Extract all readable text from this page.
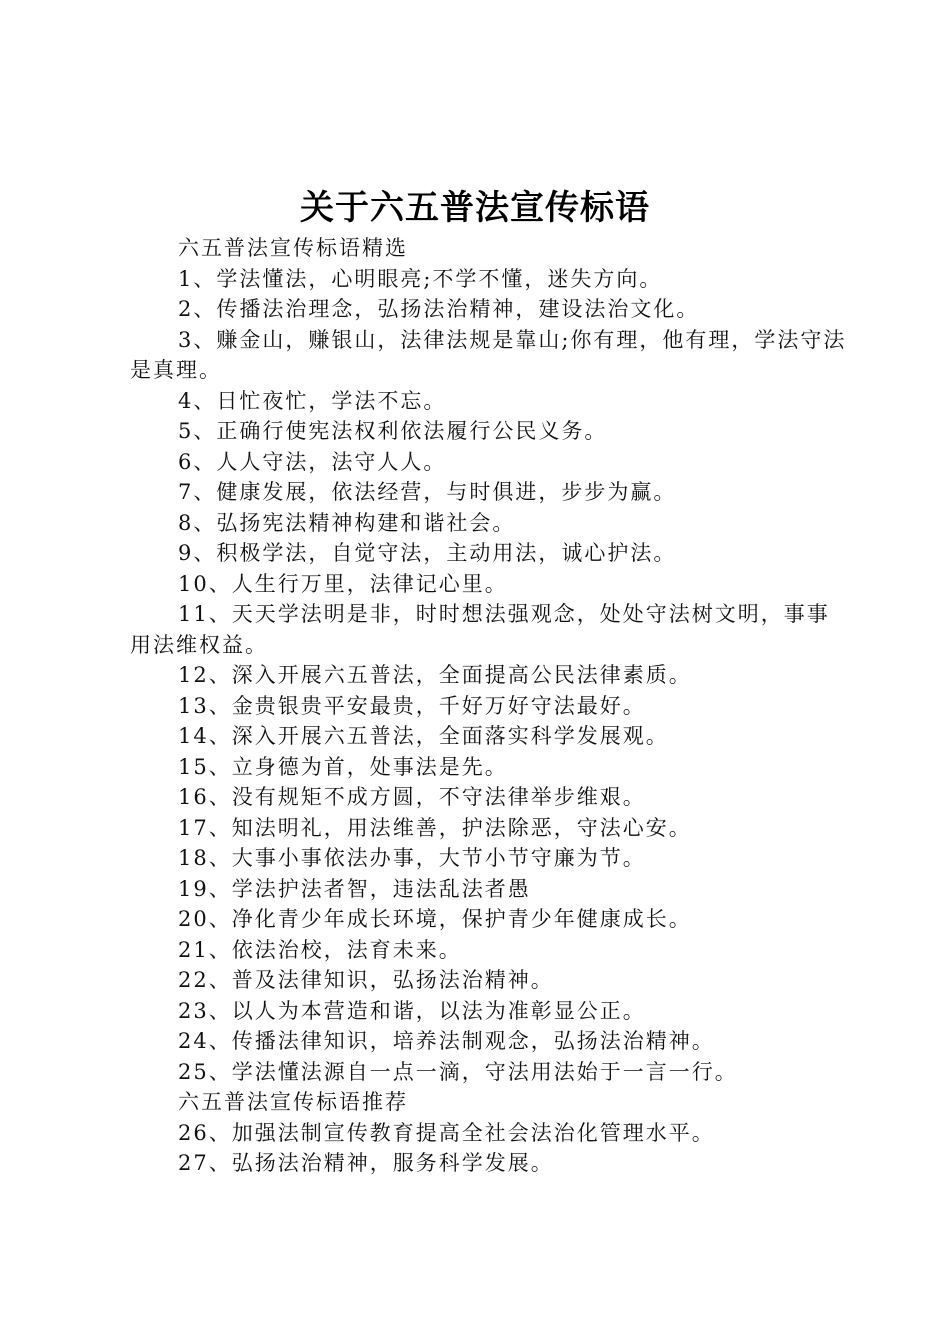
关于六五普法宣传标语

六五普法宣传标语精选

1、学法懂法，心明眼亮;不学不懂，迷失方向。

2、传播法治理念，弘扬法治精神，建设法治文化。

3、赚金山，赚银山，法律法规是靠山;你有理，他有理，学法守法是真理。

4、日忙夜忙，学法不忘。

5、正确行使宪法权利依法履行公民义务。

6、人人守法，法守人人。

7、健康发展，依法经营，与时俱进，步步为赢。

8、弘扬宪法精神构建和谐社会。

9、积极学法，自觉守法，主动用法，诚心护法。

10、人生行万里，法律记心里。

11、天天学法明是非，时时想法强观念，处处守法树文明，事事用法维权益。

12、深入开展六五普法，全面提高公民法律素质。

13、金贵银贵平安最贵，千好万好守法最好。

14、深入开展六五普法，全面落实科学发展观。

15、立身德为首，处事法是先。

16、没有规矩不成方圆，不守法律举步维艰。

17、知法明礼，用法维善，护法除恶，守法心安。

18、大事小事依法办事，大节小节守廉为节。

19、学法护法者智，违法乱法者愚

20、净化青少年成长环境，保护青少年健康成长。

21、依法治校，法育未来。

22、普及法律知识，弘扬法治精神。

23、以人为本营造和谐，以法为准彰显公正。

24、传播法律知识，培养法制观念，弘扬法治精神。

25、学法懂法源自一点一滴，守法用法始于一言一行。

六五普法宣传标语推荐

26、加强法制宣传教育提高全社会法治化管理水平。

27、弘扬法治精神，服务科学发展。
